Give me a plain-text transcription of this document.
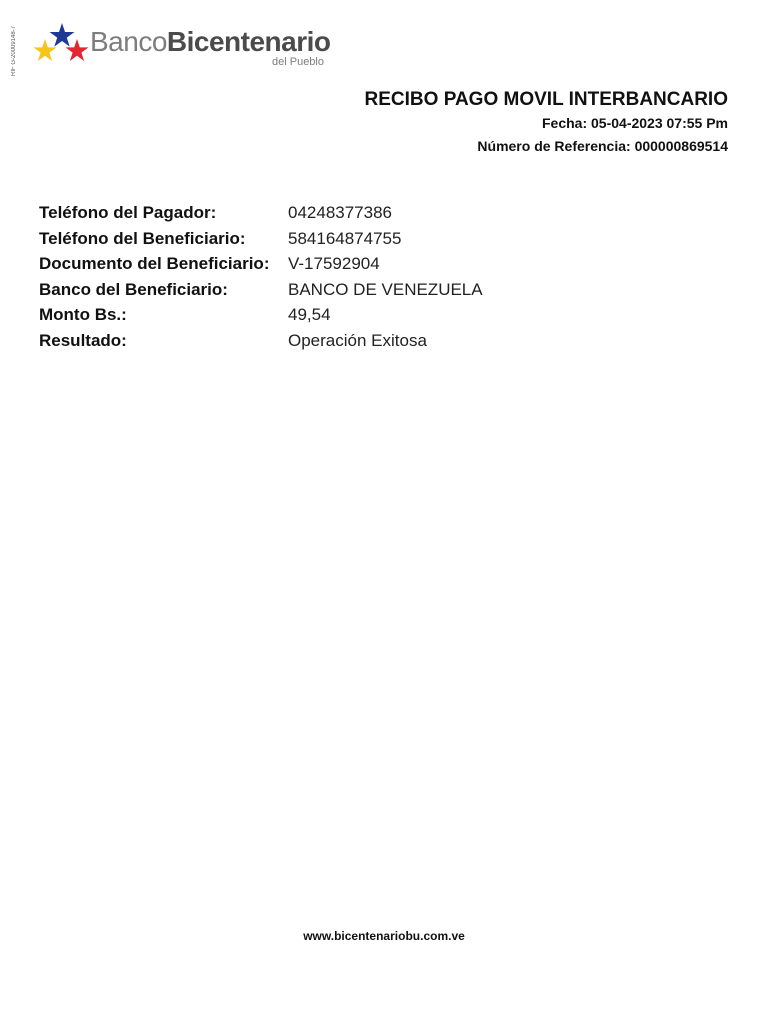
RIF G-20009148-7	BancoBicentenario
del Pueblo
RECIBO PAGO MOVIL INTERBANCARIO
Fecha: 05-04-2023 07:55 Pm
Número de Referencia: 000000869514
Teléfono del Pagador:	04248377386
Teléfono del Beneficiario:	584164874755
Documento del Beneficiario:	V-17592904
Banco del Beneficiario:	BANCO DE VENEZUELA
Monto Bs.:	49,54
Resultado:	Operación Exitosa
www.bicentenariobu.com.ve
